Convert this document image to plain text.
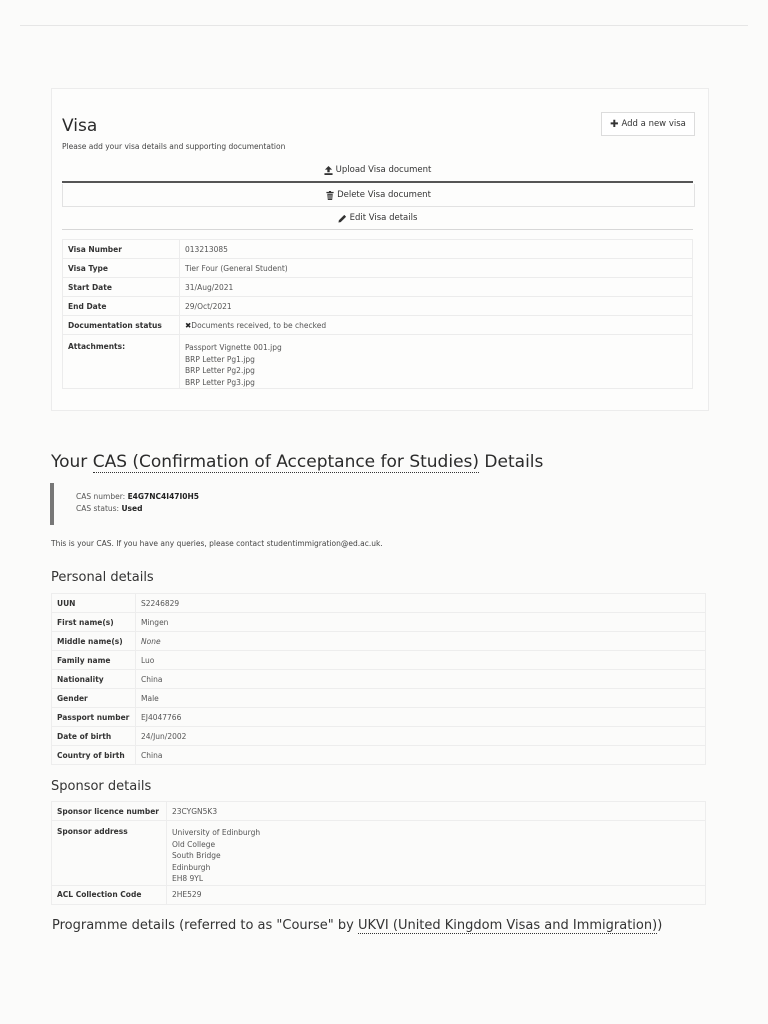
Visa
Please add your visa details and supporting documentation
✚ Add a new visa
Upload Visa document
Delete Visa document
Edit Visa details
Visa Number	013213085
Visa Type	Tier Four (General Student)
Start Date	31/Aug/2021
End Date	29/Oct/2021
Documentation status	✖Documents received, to be checked
Attachments:	Passport Vignette 001.jpg
BRP Letter Pg1.jpg
BRP Letter Pg2.jpg
BRP Letter Pg3.jpg
Your CAS (Confirmation of Acceptance for Studies) Details
CAS number: E4G7NC4I47I0H5
CAS status: Used
This is your CAS. If you have any queries, please contact studentimmigration@ed.ac.uk.
Personal details
UUN	S2246829
First name(s)	Mingen
Middle name(s)	None
Family name	Luo
Nationality	China
Gender	Male
Passport number	EJ4047766
Date of birth	24/Jun/2002
Country of birth	China
Sponsor details
Sponsor licence number	23CYGN5K3
Sponsor address	University of Edinburgh
Old College
South Bridge
Edinburgh
EH8 9YL

ACL Collection Code	2HE529
Programme details (referred to as "Course" by UKVI (United Kingdom Visas and Immigration))
